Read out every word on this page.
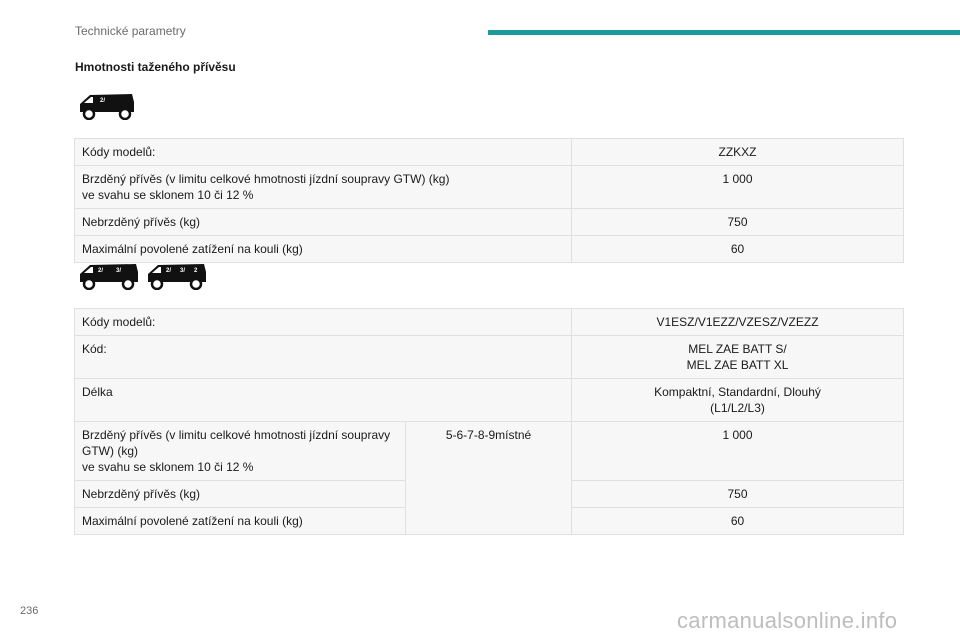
Technické parametry
Hmotnosti taženého přívěsu
2/
Kódy modelů:	ZZKXZ
Brzděný přívěs (v limitu celkové hmotnosti jízdní soupravy GTW) (kg)
ve svahu se sklonem 10 či 12 %	1 000
Nebrzděný přívěs (kg)	750
Maximální povolené zatížení na kouli (kg)	60
2/ 3/	2/ 3/ 2
Kódy modelů:		V1ESZ/V1EZZ/VZESZ/VZEZZ
Kód:		MEL ZAE BATT S/
MEL ZAE BATT XL
Délka		Kompaktní, Standardní, Dlouhý
(L1/L2/L3)
Brzděný přívěs (v limitu celkové hmotnosti jízdní soupravy
GTW) (kg)
ve svahu se sklonem 10 či 12 %	5-6-7-8-9místné	1 000
Nebrzděný přívěs (kg)		750
Maximální povolené zatížení na kouli (kg)		60
236	carmanualsonline.info
